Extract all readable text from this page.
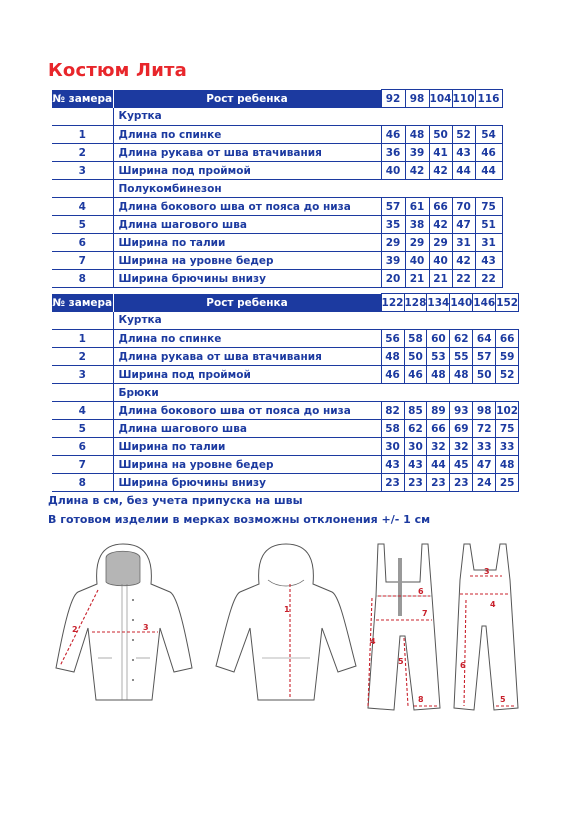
Костюм Лита
№ замера	Рост ребенка	92	98	104	110	116
	Куртка					
1	Длина по спинке	46	48	50	52	54
2	Длина рукава от шва втачивания	36	39	41	43	46
3	Ширина под проймой	40	42	42	44	44
	Полукомбинезон					
4	Длина бокового шва от пояса до низа	57	61	66	70	75
5	Длина шагового шва	35	38	42	47	51
6	Ширина по талии	29	29	29	31	31
7	Ширина на уровне бедер	39	40	40	42	43
8	Ширина брючины внизу	20	21	21	22	22
№ замера	Рост ребенка	122	128	134	140	146	152
	Куртка						
1	Длина по спинке	56	58	60	62	64	66
2	Длина рукава от шва втачивания	48	50	53	55	57	59
3	Ширина под проймой	46	46	48	48	50	52
	Брюки						
4	Длина бокового шва от пояса до низа	82	85	89	93	98	102
5	Длина шагового шва	58	62	66	69	72	75
6	Ширина по талии	30	30	32	32	33	33
7	Ширина на уровне бедер	43	43	44	45	47	48
8	Ширина брючины внизу	23	23	23	23	24	25
Длина в см, без учета припуска на швы
В готовом изделии в мерках возможны отклонения +/- 1 см
2	3
1
6
7
4
5
8
3
4
6
5
